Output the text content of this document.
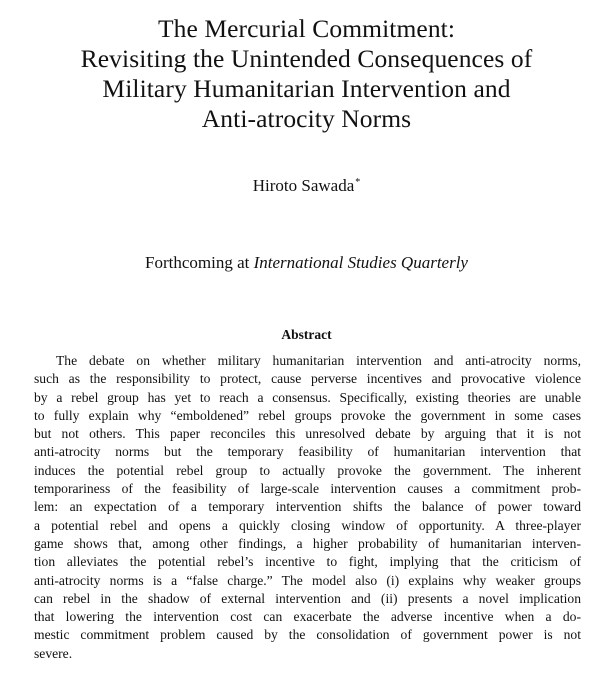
The Mercurial Commitment:
Revisiting the Unintended Consequences of
Military Humanitarian Intervention and
Anti-atrocity Norms
Hiroto Sawada*
Forthcoming at International Studies Quarterly
Abstract
The debate on whether military humanitarian intervention and anti-atrocity norms,
such as the responsibility to protect, cause perverse incentives and provocative violence
by a rebel group has yet to reach a consensus. Specifically, existing theories are unable
to fully explain why “emboldened” rebel groups provoke the government in some cases
but not others. This paper reconciles this unresolved debate by arguing that it is not
anti-atrocity norms but the temporary feasibility of humanitarian intervention that
induces the potential rebel group to actually provoke the government. The inherent
temporariness of the feasibility of large-scale intervention causes a commitment prob-
lem: an expectation of a temporary intervention shifts the balance of power toward
a potential rebel and opens a quickly closing window of opportunity. A three-player
game shows that, among other findings, a higher probability of humanitarian interven-
tion alleviates the potential rebel’s incentive to fight, implying that the criticism of
anti-atrocity norms is a “false charge.” The model also (i) explains why weaker groups
can rebel in the shadow of external intervention and (ii) presents a novel implication
that lowering the intervention cost can exacerbate the adverse incentive when a do-
mestic commitment problem caused by the consolidation of government power is not
severe.
